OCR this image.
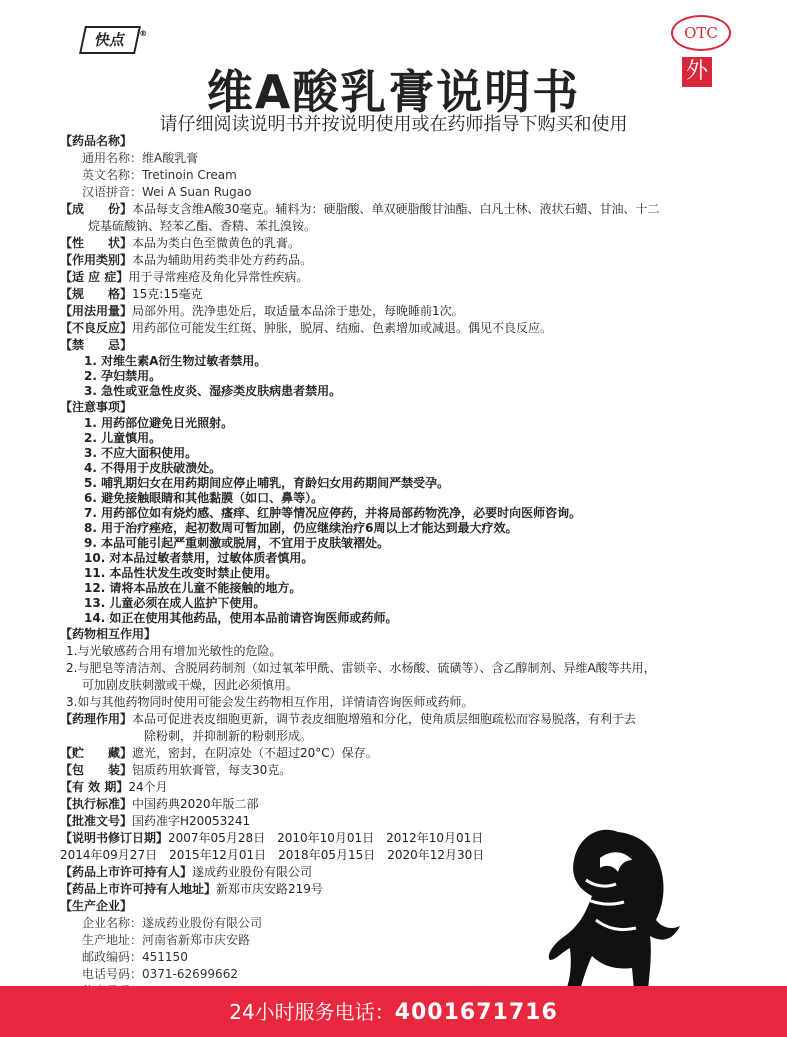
快点 ®	OTC
外
维A酸乳膏说明书
请仔细阅读说明书并按说明使用或在药师指导下购买和使用
【药品名称】
通用名称：维A酸乳膏
英文名称：Tretinoin Cream
汉语拼音：Wei A Suan Rugao
【成　　份】本品每支含维A酸30毫克。辅料为：硬脂酸、单双硬脂酸甘油酯、白凡士林、液状石蜡、甘油、十二
烷基硫酸钠、羟苯乙酯、香精、苯扎溴铵。
【性　　状】本品为类白色至微黄色的乳膏。
【作用类别】本品为辅助用药类非处方药药品。
【适 应 症】用于寻常痤疮及角化异常性疾病。
【规　　格】15克:15毫克
【用法用量】局部外用。洗净患处后，取适量本品涂于患处，每晚睡前1次。
【不良反应】用药部位可能发生红斑、肿胀，脱屑、结痂、色素增加或减退。偶见不良反应。
【禁　　忌】
1. 对维生素A衍生物过敏者禁用。
2. 孕妇禁用。
3. 急性或亚急性皮炎、湿疹类皮肤病患者禁用。
【注意事项】
1. 用药部位避免日光照射。
2. 儿童慎用。
3. 不应大面积使用。
4. 不得用于皮肤破溃处。
5. 哺乳期妇女在用药期间应停止哺乳，育龄妇女用药期间严禁受孕。
6. 避免接触眼睛和其他黏膜（如口、鼻等）。
7. 用药部位如有烧灼感、瘙痒、红肿等情况应停药，并将局部药物洗净，必要时向医师咨询。
8. 用于治疗痤疮，起初数周可暂加剧，仍应继续治疗6周以上才能达到最大疗效。
9. 本品可能引起严重刺激或脱屑，不宜用于皮肤皱褶处。
10. 对本品过敏者禁用，过敏体质者慎用。
11. 本品性状发生改变时禁止使用。
12. 请将本品放在儿童不能接触的地方。
13. 儿童必须在成人监护下使用。
14. 如正在使用其他药品，使用本品前请咨询医师或药师。
【药物相互作用】
1.与光敏感药合用有增加光敏性的危险。
2.与肥皂等清洁剂、含脱屑药制剂（如过氧苯甲酰、雷锁辛、水杨酸、硫磺等）、含乙醇制剂、异维A酸等共用，
　 可加剧皮肤刺激或干燥，因此必须慎用。
3.如与其他药物同时使用可能会发生药物相互作用，详情请咨询医师或药师。
【药理作用】本品可促进表皮细胞更新，调节表皮细胞增殖和分化，使角质层细胞疏松而容易脱落，有利于去
除粉刺，并抑制新的粉刺形成。
【贮　　藏】遮光，密封，在阴凉处（不超过20°C）保存。
【包　　装】铝质药用软膏管，每支30克。
【有 效 期】24个月
【执行标准】中国药典2020年版二部
【批准文号】国药准字H20053241
【说明书修订日期】2007年05月28日　2010年10月01日　2012年10月01日
2014年09月27日　2015年12月01日　2018年05月15日　2020年12月30日
【药品上市许可持有人】遂成药业股份有限公司
【药品上市许可持有人地址】新郑市庆安路219号
【生产企业】
企业名称：遂成药业股份有限公司
生产地址：河南省新郑市庆安路
邮政编码：451150
电话号码：0371-62699662
24小时服务电话：4001671716
